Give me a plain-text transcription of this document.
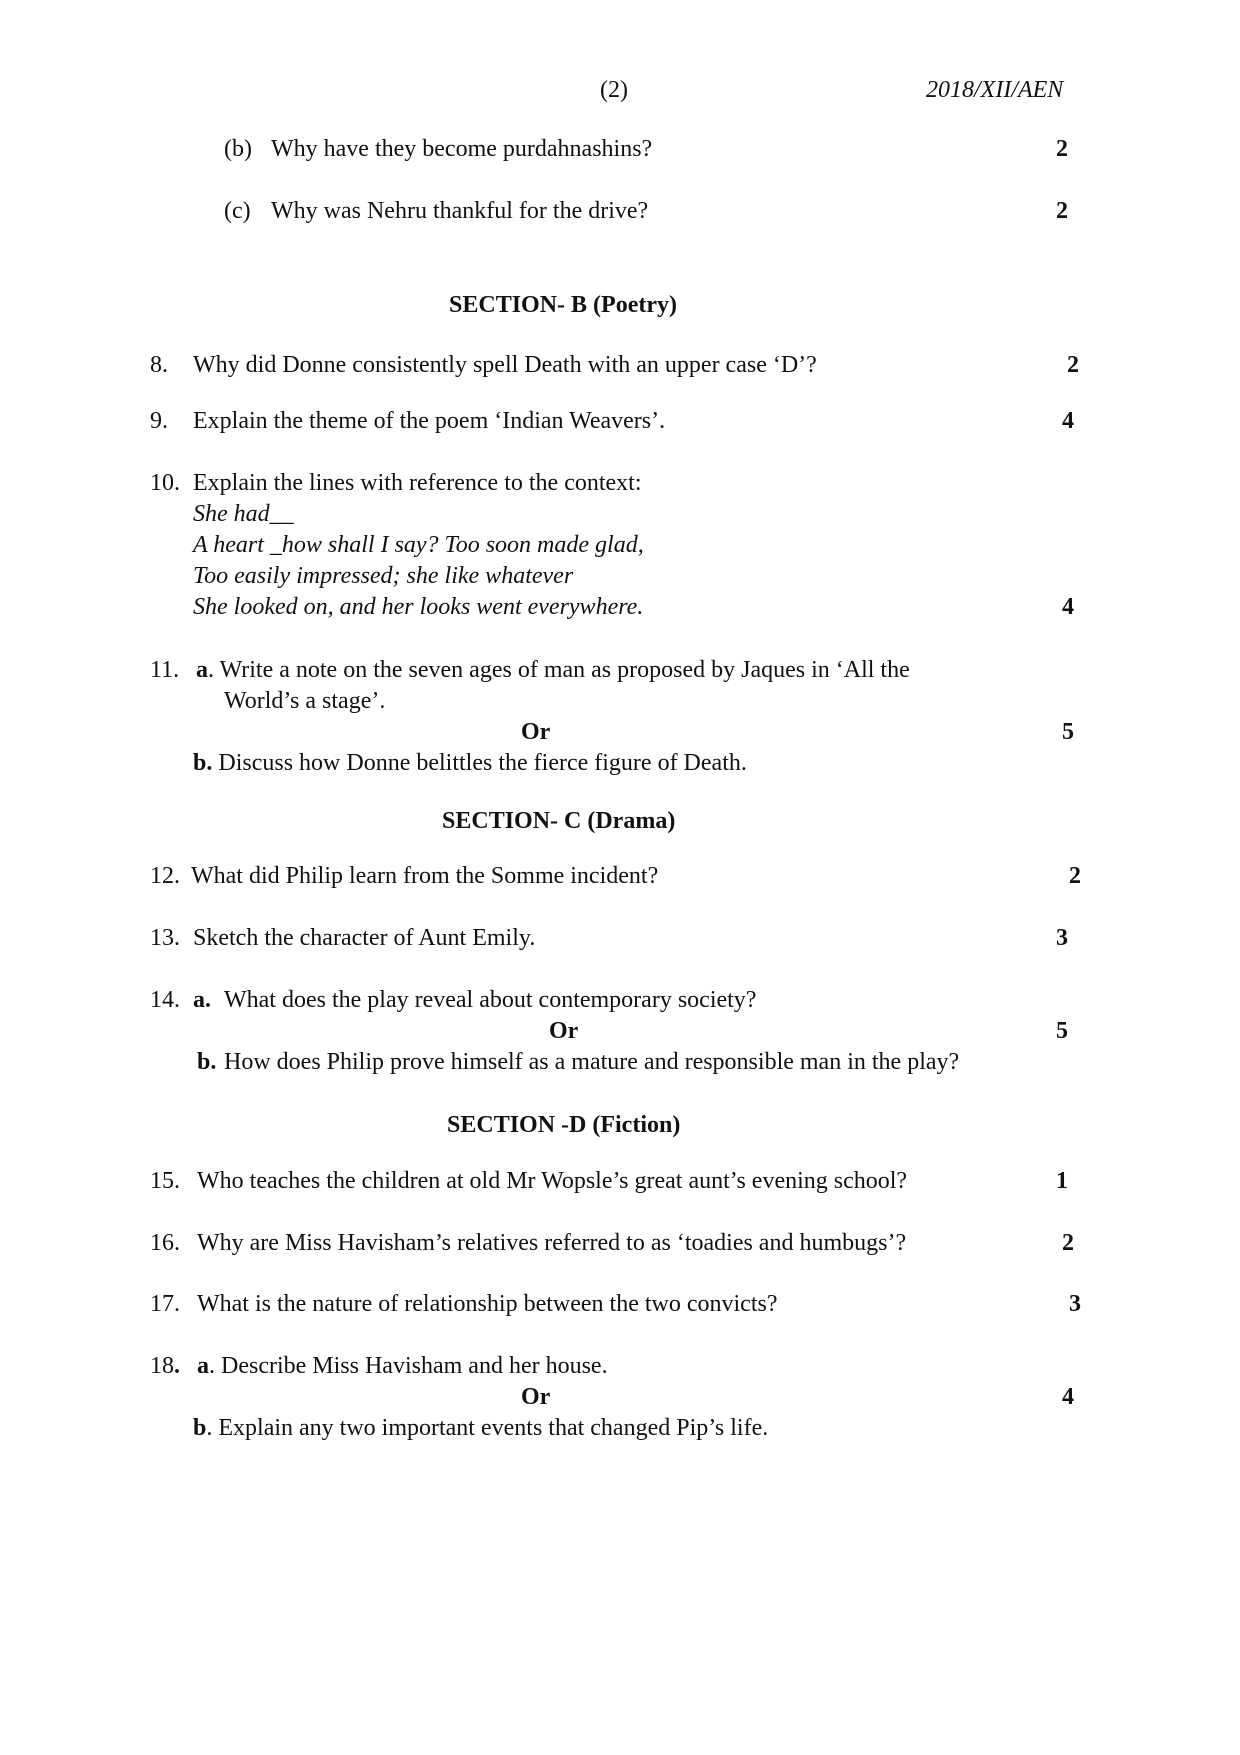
(2)	2018/XII/AEN
(b) Why have they become purdahnashins?	2
(c) Why was Nehru thankful for the drive?	2
SECTION- B (Poetry)
8. Why did Donne consistently spell Death with an upper case ‘D’?	2
9. Explain the theme of the poem ‘Indian Weavers’.	4
10. Explain the lines with reference to the context:
She had__
A heart _how shall I say? Too soon made glad,
Too easily impressed; she like whatever
She looked on, and her looks went everywhere.	4
11. a. Write a note on the seven ages of man as proposed by Jaques in ‘All the
World’s a stage’.
Or	5
b. Discuss how Donne belittles the fierce figure of Death.
SECTION- C (Drama)
12. What did Philip learn from the Somme incident?	2
13. Sketch the character of Aunt Emily.	3
14. a. What does the play reveal about contemporary society?
Or	5
b. How does Philip prove himself as a mature and responsible man in the play?
SECTION -D (Fiction)
15. Who teaches the children at old Mr Wopsle’s great aunt’s evening school?	1
16. Why are Miss Havisham’s relatives referred to as ‘toadies and humbugs’?	2
17. What is the nature of relationship between the two convicts?	3
18. a. Describe Miss Havisham and her house.
Or	4
b. Explain any two important events that changed Pip’s life.
